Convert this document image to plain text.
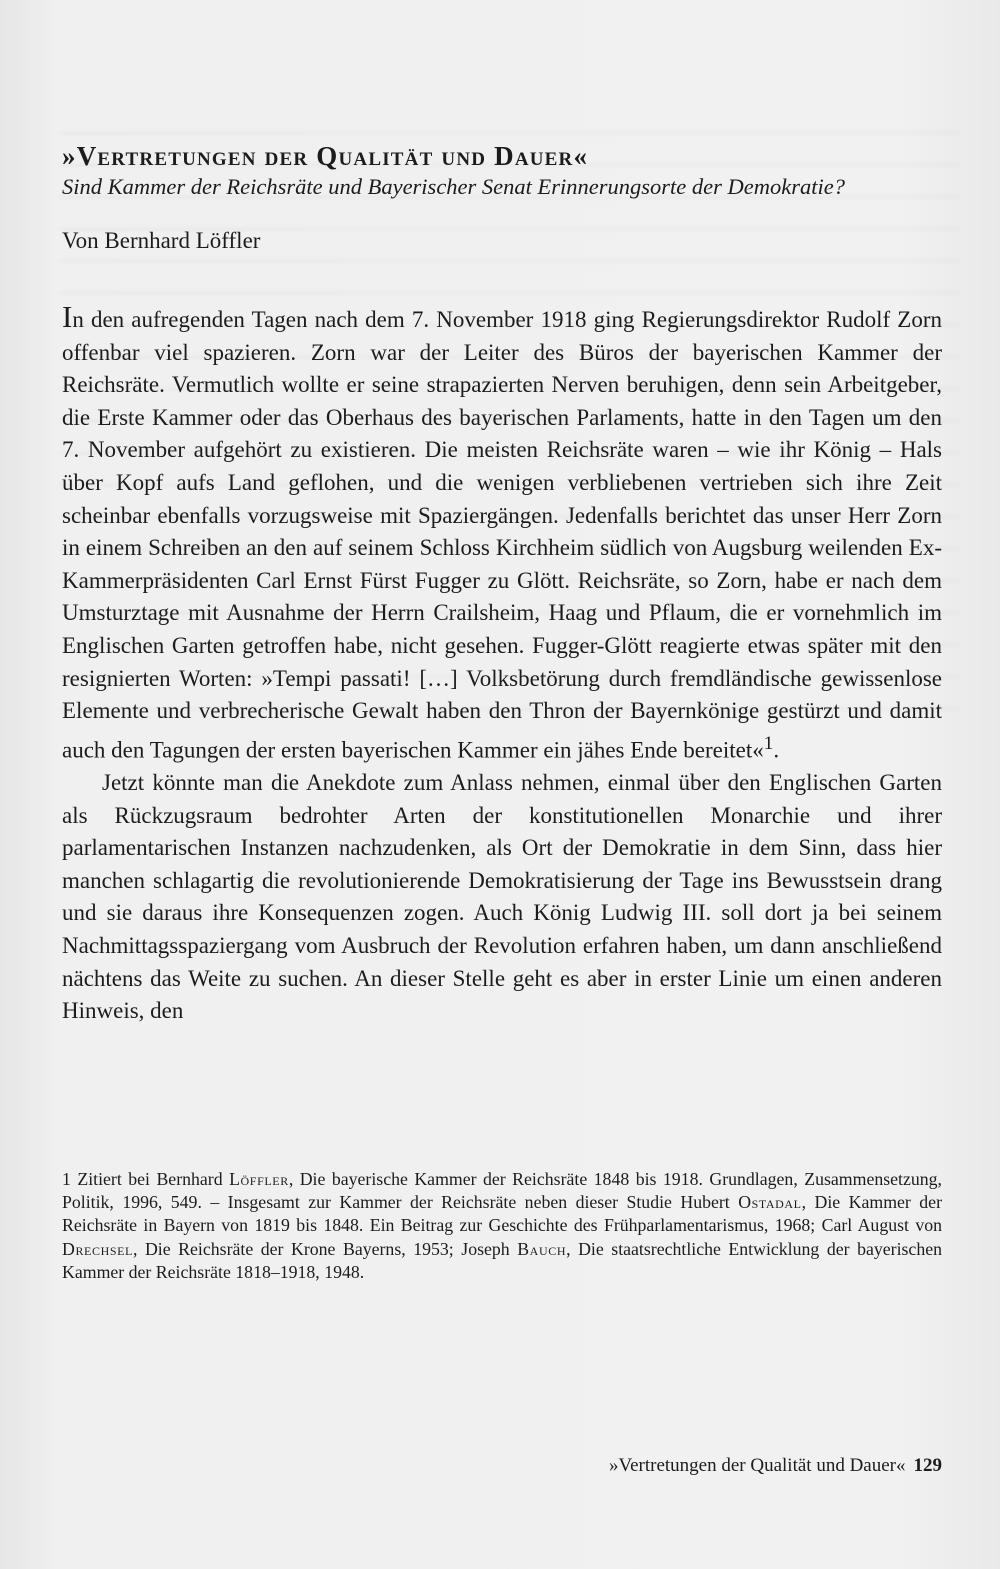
»Vertretungen der Qualität und Dauer«

Sind Kammer der Reichsräte und Bayerischer Senat Erinnerungsorte der Demokratie?

Von Bernhard Löffler

In den aufregenden Tagen nach dem 7. November 1918 ging Regierungsdirektor Rudolf Zorn offenbar viel spazieren. Zorn war der Leiter des Büros der bayerischen Kammer der Reichsräte. Vermutlich wollte er seine strapazierten Nerven beruhigen, denn sein Arbeitgeber, die Erste Kammer oder das Oberhaus des bayerischen Parlaments, hatte in den Tagen um den 7. November aufgehört zu existieren. Die meisten Reichsräte waren – wie ihr König – Hals über Kopf aufs Land geflohen, und die wenigen verbliebenen vertrieben sich ihre Zeit scheinbar ebenfalls vorzugsweise mit Spaziergängen. Jedenfalls berichtet das unser Herr Zorn in einem Schreiben an den auf seinem Schloss Kirchheim südlich von Augsburg weilenden Ex-Kammerpräsidenten Carl Ernst Fürst Fugger zu Glött. Reichsräte, so Zorn, habe er nach dem Umsturztage mit Ausnahme der Herrn Crailsheim, Haag und Pflaum, die er vornehmlich im Englischen Garten getroffen habe, nicht gesehen. Fugger-Glött reagierte etwas später mit den resignierten Worten: »Tempi passati! […] Volksbetörung durch fremdländische gewissenlose Elemente und verbrecherische Gewalt haben den Thron der Bayernkönige gestürzt und damit auch den Tagungen der ersten bayerischen Kammer ein jähes Ende bereitet«$^1$.

Jetzt könnte man die Anekdote zum Anlass nehmen, einmal über den Englischen Garten als Rückzugsraum bedrohter Arten der konstitutionellen Monarchie und ihrer parlamentarischen Instanzen nachzudenken, als Ort der Demokratie in dem Sinn, dass hier manchen schlagartig die revolutionierende Demokratisierung der Tage ins Bewusstsein drang und sie daraus ihre Konsequenzen zogen. Auch König Ludwig III. soll dort ja bei seinem Nachmittagsspaziergang vom Ausbruch der Revolution erfahren haben, um dann anschließend nächtens das Weite zu suchen. An dieser Stelle geht es aber in erster Linie um einen anderen Hinweis, den

1 Zitiert bei Bernhard Löffler, Die bayerische Kammer der Reichsräte 1848 bis 1918. Grundlagen, Zusammensetzung, Politik, 1996, 549. – Insgesamt zur Kammer der Reichsräte neben dieser Studie Hubert Ostadal, Die Kammer der Reichsräte in Bayern von 1819 bis 1848. Ein Beitrag zur Geschichte des Frühparlamentarismus, 1968; Carl August von Drechsel, Die Reichsräte der Krone Bayerns, 1953; Joseph Bauch, Die staatsrechtliche Entwicklung der bayerischen Kammer der Reichsräte 1818–1918, 1948.

»Vertretungen der Qualität und Dauer« 129
